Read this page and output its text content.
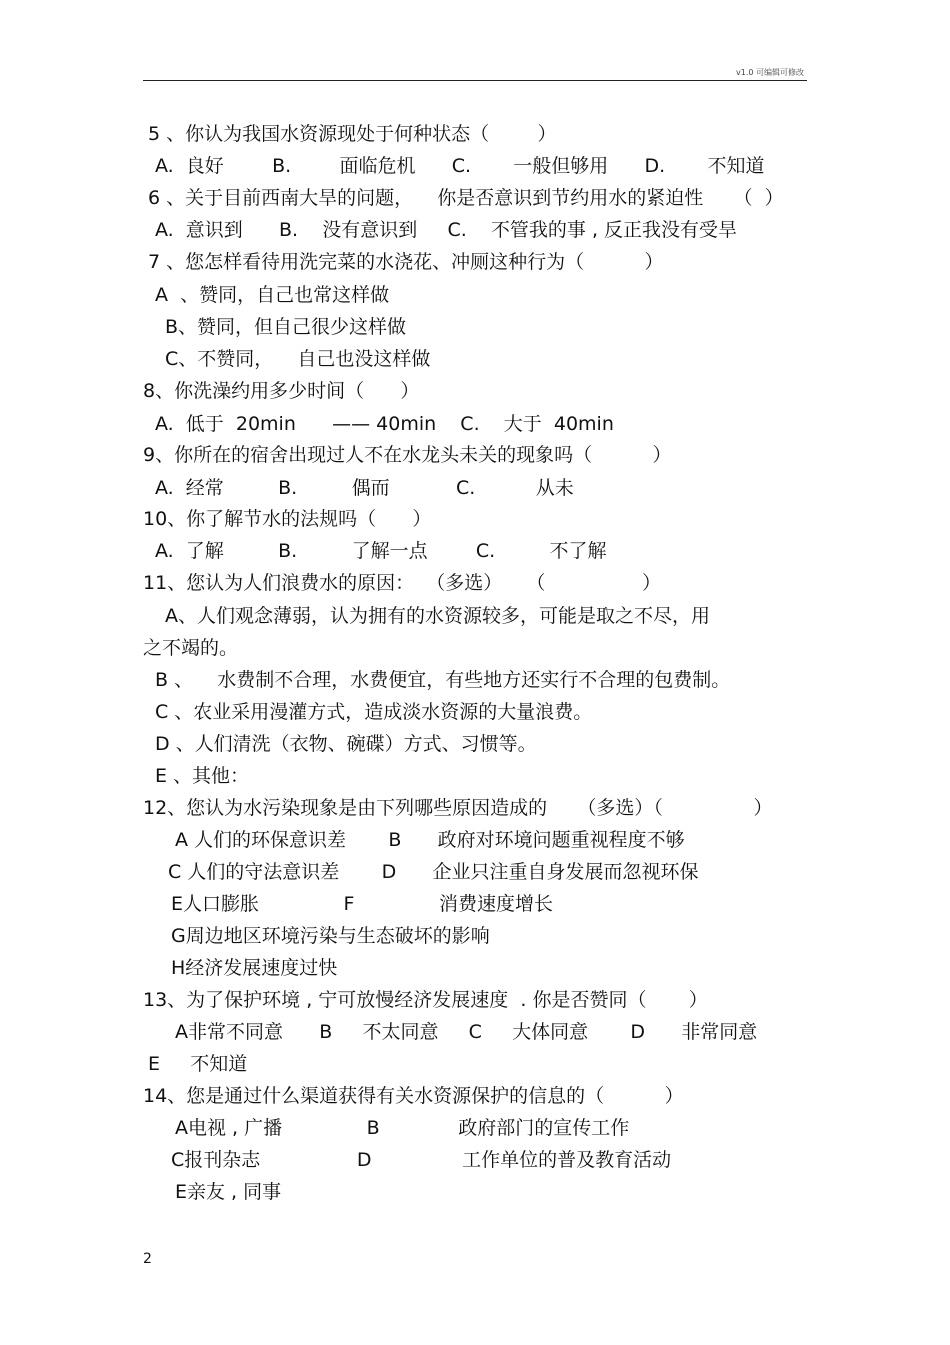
v1.0 可编辑可修改
5 、你认为我国水资源现处于何种状态（        ）
A.  良好        B.        面临危机      C.       一般但够用      D.       不知道
6 、关于目前西南大旱的问题，    你是否意识到节约用水的紧迫性     （  ）
A.  意识到      B.    没有意识到     C.    不管我的事 , 反正我没有受旱
7 、您怎样看待用洗完菜的水浇花、冲厕这种行为（          ）
A  、赞同，自己也常这样做
B、赞同，但自己很少这样做
C、不赞同，    自己也没这样做
8、你洗澡约用多少时间（      ）
A.  低于  20min      —— 40min    C.    大于  40min
9、你所在的宿舍出现过人不在水龙头未关的现象吗（          ）
A.  经常         B.         偶而           C.          从未
10、你了解节水的法规吗（      ）
A.  了解         B.         了解一点        C.         不了解
11、您认为人们浪费水的原因：  （多选）    （                ）
A、人们观念薄弱，认为拥有的水资源较多，可能是取之不尽，用
之不竭的。
B 、    水费制不合理，水费便宜，有些地方还实行不合理的包费制。
C 、农业采用漫灌方式，造成淡水资源的大量浪费。
D 、人们清洗（衣物、碗碟）方式、习惯等。
E 、其他：
12、您认为水污染现象是由下列哪些原因造成的     （多选）（               ）
A 人们的环保意识差       B      政府对环境问题重视程度不够
C 人们的守法意识差       D      企业只注重自身发展而忽视环保
E人口膨胀              F              消费速度增长
G周边地区环境污染与生态破坏的影响
H经济发展速度过快
13、为了保护环境 , 宁可放慢经济发展速度  . 你是否赞同（       ）
A非常不同意      B     不太同意     C     大体同意       D      非常同意
E     不知道
14、您是通过什么渠道获得有关水资源保护的信息的（          ）
A电视 , 广播              B             政府部门的宣传工作
C报刊杂志                D               工作单位的普及教育活动
E亲友 , 同事
2
